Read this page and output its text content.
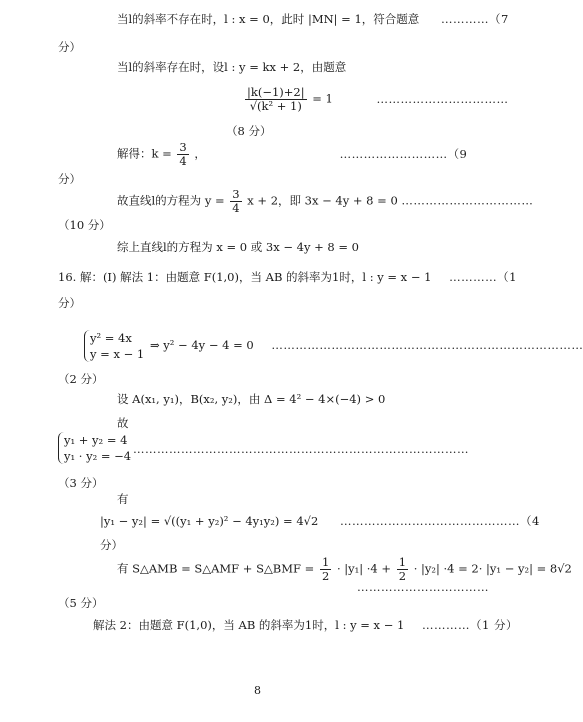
当l的斜率不存在时，l : x = 0，此时 |MN| = 1，符合题意 …………（7
分）
当l的斜率存在时，设l : y = kx + 2，由题意
$\frac{|k(-1)+2|}{\text{√(k² + 1)}} = 1$	……………………………
（8 分）
解得：$k = \frac{3}{4}$ ，	………………………（9
分）
故直线l的方程为 $y = \frac{3}{4}$ x + 2，即 3x − 4y + 8 = 0 ……………………………
（10 分）
综上直线l的方程为 x = 0 或 3x − 4y + 8 = 0
16. 解：(Ⅰ) 解法 1：由题意 F(1,0)，当 AB 的斜率为1时，l : y = x − 1 …………（1
分）
y² = 4x
y = x − 1
⇒ y² − 4y − 4 = 0 ……………………………………………………………………
（2 分）
设 A(x₁, y₁)，B(x₂, y₂)，由 Δ = 4² − 4×(−4) > 0
故
y₁ + y₂ = 4
y₁ · y₂ = −4 …………………………………………………………………………
（3 分）
有
|y₁ − y₂| = √((y₁ + y₂)² − 4y₁y₂) = 4√2 ………………………………………（4
分）
有 S△AMB = S△AMF + S△BMF = $\frac{1}{2} \cdot |y_1| \cdot 4 + \frac{1}{2} \cdot |y_2| \cdot 4 = 2\cdot |y_1 - y_2| = 8√2$
……………………………
（5 分）
解法 2：由题意 F(1,0)，当 AB 的斜率为1时，l : y = x − 1 …………（1 分）
8
